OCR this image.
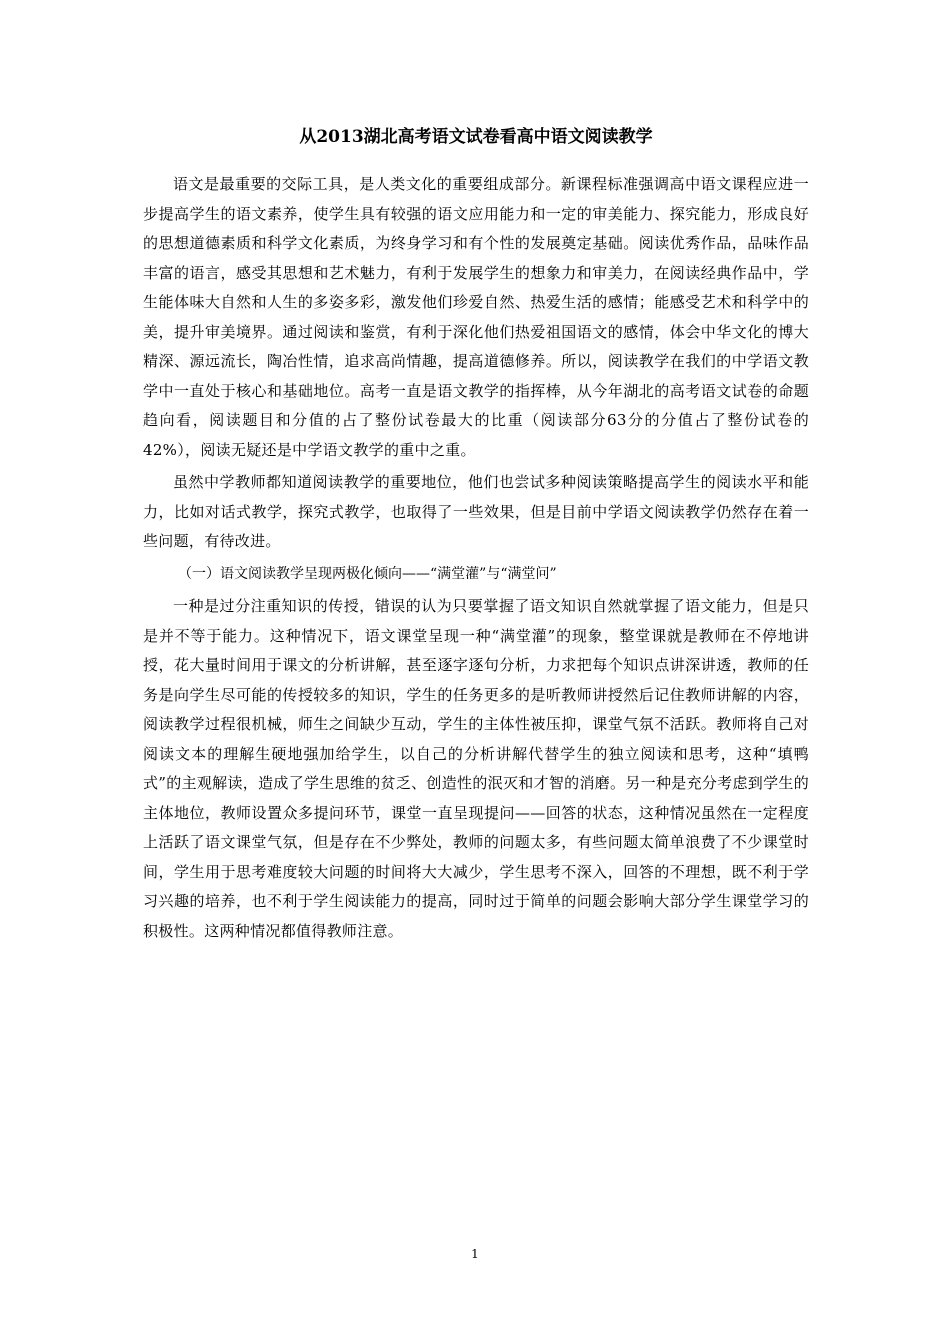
从2013湖北高考语文试卷看高中语文阅读教学

语文是最重要的交际工具，是人类文化的重要组成部分。新课程标准强调高中语文课程应进一步提高学生的语文素养，使学生具有较强的语文应用能力和一定的审美能力、探究能力，形成良好的思想道德素质和科学文化素质，为终身学习和有个性的发展奠定基础。阅读优秀作品，品味作品丰富的语言，感受其思想和艺术魅力，有利于发展学生的想象力和审美力，在阅读经典作品中，学生能体味大自然和人生的多姿多彩，激发他们珍爱自然、热爱生活的感情；能感受艺术和科学中的美，提升审美境界。通过阅读和鉴赏，有利于深化他们热爱祖国语文的感情，体会中华文化的博大精深、源远流长，陶冶性情，追求高尚情趣，提高道德修养。所以，阅读教学在我们的中学语文教学中一直处于核心和基础地位。高考一直是语文教学的指挥棒，从今年湖北的高考语文试卷的命题趋向看，阅读题目和分值的占了整份试卷最大的比重（阅读部分63分的分值占了整份试卷的42%），阅读无疑还是中学语文教学的重中之重。

虽然中学教师都知道阅读教学的重要地位，他们也尝试多种阅读策略提高学生的阅读水平和能力，比如对话式教学，探究式教学，也取得了一些效果，但是目前中学语文阅读教学仍然存在着一些问题，有待改进。

（一）语文阅读教学呈现两极化倾向——“满堂灌”与“满堂问”

一种是过分注重知识的传授，错误的认为只要掌握了语文知识自然就掌握了语文能力，但是只是并不等于能力。这种情况下，语文课堂呈现一种“满堂灌”的现象，整堂课就是教师在不停地讲授，花大量时间用于课文的分析讲解，甚至逐字逐句分析，力求把每个知识点讲深讲透，教师的任务是向学生尽可能的传授较多的知识，学生的任务更多的是听教师讲授然后记住教师讲解的内容，阅读教学过程很机械，师生之间缺少互动，学生的主体性被压抑，课堂气氛不活跃。教师将自己对阅读文本的理解生硬地强加给学生，以自己的分析讲解代替学生的独立阅读和思考，这种“填鸭式”的主观解读，造成了学生思维的贫乏、创造性的泯灭和才智的消磨。另一种是充分考虑到学生的主体地位，教师设置众多提问环节，课堂一直呈现提问——回答的状态，这种情况虽然在一定程度上活跃了语文课堂气氛，但是存在不少弊处，教师的问题太多，有些问题太简单浪费了不少课堂时间，学生用于思考难度较大问题的时间将大大减少，学生思考不深入，回答的不理想，既不利于学习兴趣的培养，也不利于学生阅读能力的提高，同时过于简单的问题会影响大部分学生课堂学习的积极性。这两种情况都值得教师注意。

1
